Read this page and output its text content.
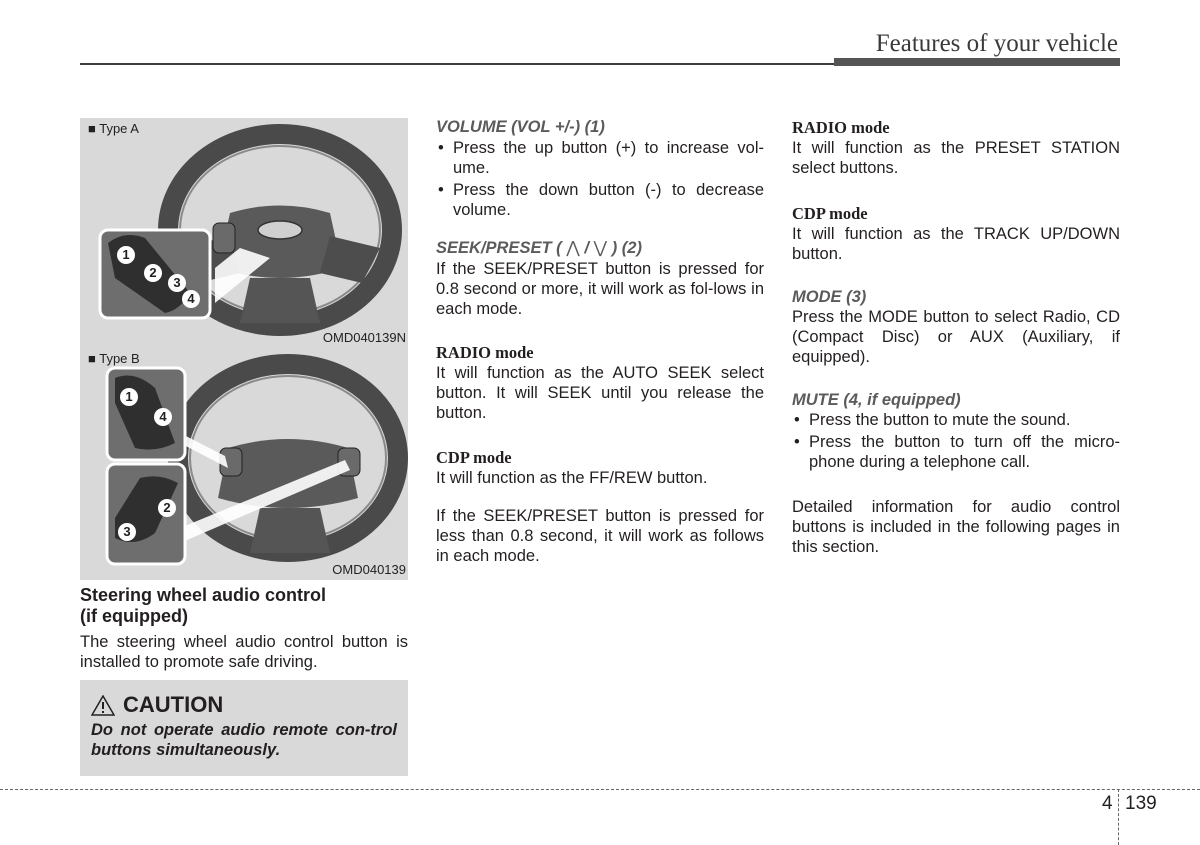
Features of your vehicle
■ Type A
1
2
3
4
OMD040139N
■ Type B
1
4
2
3
OMD040139
Steering wheel audio control
(if equipped)
The steering wheel audio control button is installed to promote safe driving.
CAUTION
Do not operate audio remote con-trol buttons simultaneously.
VOLUME (VOL +/-) (1)
• Press the up button (+) to increase vol-ume.
• Press the down button (-) to decrease volume.
SEEK/PRESET ( ⋀ / ⋁ ) (2)
If the SEEK/PRESET button is pressed for 0.8 second or more, it will work as fol-lows in each mode.
RADIO mode
It will function as the AUTO SEEK select button. It will SEEK until you release the button.
CDP mode
It will function as the FF/REW button.
If the SEEK/PRESET button is pressed for less than 0.8 second, it will work as follows in each mode.
RADIO mode
It will function as the PRESET STATION select buttons.
CDP mode
It will function as the TRACK UP/DOWN button.
MODE (3)
Press the MODE button to select Radio, CD (Compact Disc) or AUX (Auxiliary, if equipped).
MUTE (4, if equipped)
• Press the button to mute the sound.
• Press the button to turn off the micro-phone during a telephone call.
Detailed information for audio control buttons is included in the following pages in this section.
4 139
